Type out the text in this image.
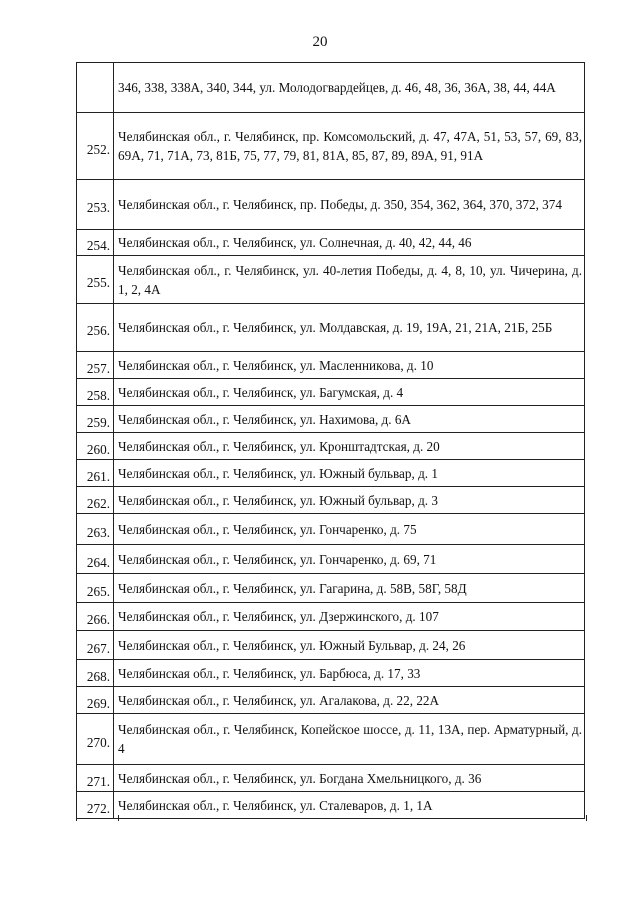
20
	346, 338, 338А, 340, 344, ул. Молодогвардейцев, д. 46, 48, 36, 36А, 38, 44, 44А
252.	Челябинская обл., г. Челябинск, пр. Комсомольский, д. 47, 47А, 51, 53, 57, 69, 83, 69А, 71, 71А, 73, 81Б, 75, 77, 79, 81, 81А, 85, 87, 89, 89А, 91, 91А
253.	Челябинская обл., г. Челябинск, пр. Победы, д. 350, 354, 362, 364, 370, 372, 374
254.	Челябинская обл., г. Челябинск, ул. Солнечная, д. 40, 42, 44, 46
255.	Челябинская обл., г. Челябинск, ул. 40-летия Победы, д. 4, 8, 10, ул. Чичерина, д. 1, 2, 4А
256.	Челябинская обл., г. Челябинск, ул. Молдавская, д. 19, 19А, 21, 21А, 21Б, 25Б
257.	Челябинская обл., г. Челябинск, ул. Масленникова, д. 10
258.	Челябинская обл., г. Челябинск, ул. Багумская, д. 4
259.	Челябинская обл., г. Челябинск, ул. Нахимова, д. 6А
260.	Челябинская обл., г. Челябинск, ул. Кронштадтская, д. 20
261.	Челябинская обл., г. Челябинск, ул. Южный бульвар, д. 1
262.	Челябинская обл., г. Челябинск, ул. Южный бульвар, д. 3
263.	Челябинская обл., г. Челябинск, ул. Гончаренко, д. 75
264.	Челябинская обл., г. Челябинск, ул. Гончаренко, д. 69, 71
265.	Челябинская обл., г. Челябинск, ул. Гагарина, д. 58В, 58Г, 58Д
266.	Челябинская обл., г. Челябинск, ул. Дзержинского, д. 107
267.	Челябинская обл., г. Челябинск, ул. Южный Бульвар, д. 24, 26
268.	Челябинская обл., г. Челябинск, ул. Барбюса, д. 17, 33
269.	Челябинская обл., г. Челябинск, ул. Агалакова, д. 22, 22А
270.	Челябинская обл., г. Челябинск, Копейское шоссе, д. 11, 13А, пер. Арматурный, д. 4
271.	Челябинская обл., г. Челябинск, ул. Богдана Хмельницкого, д. 36
272.	Челябинская обл., г. Челябинск, ул. Сталеваров, д. 1, 1А
